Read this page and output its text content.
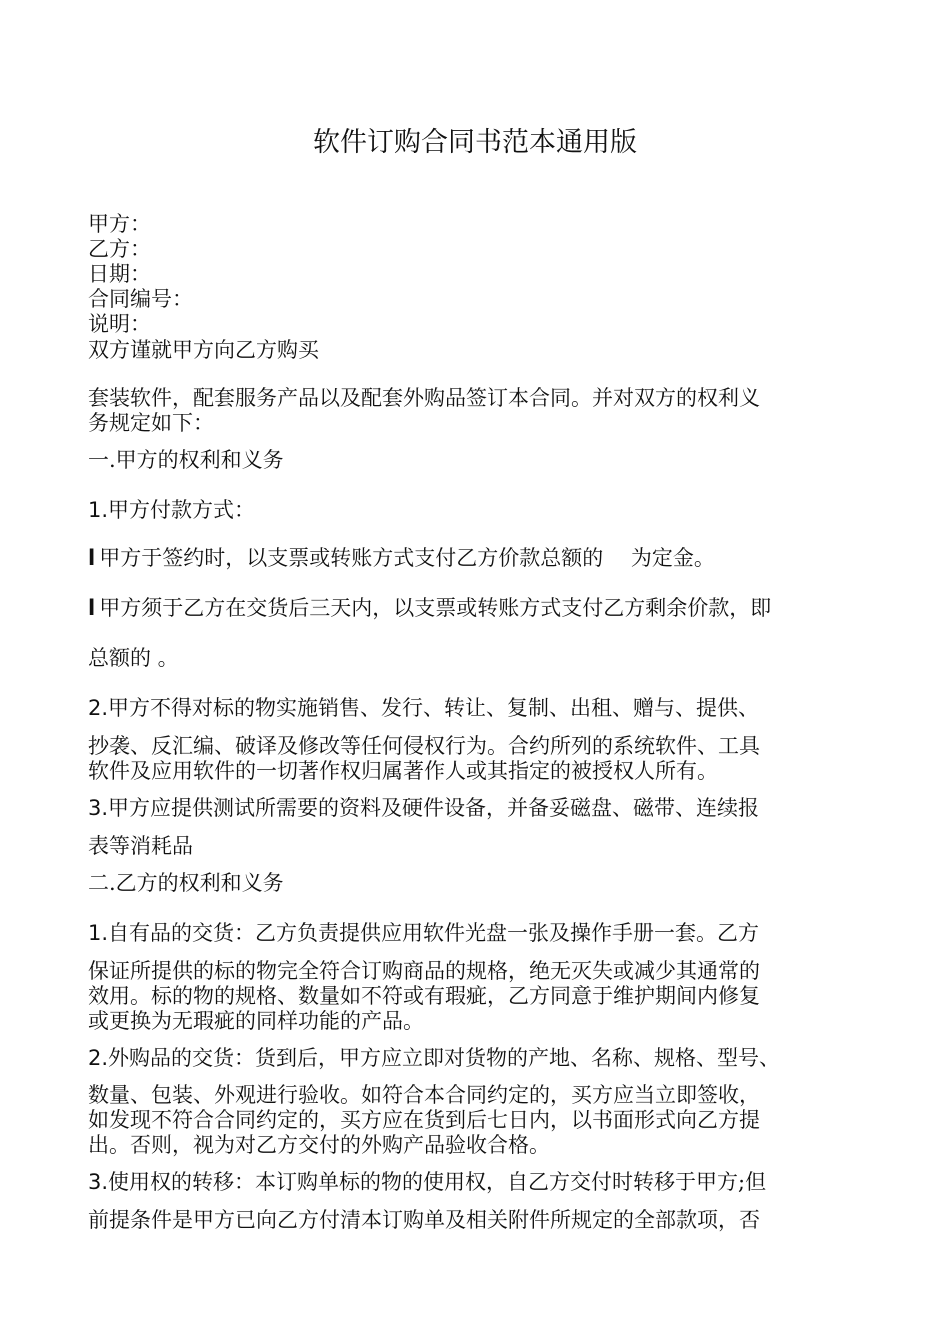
软件订购合同书范本通用版
甲方：
乙方：
日期：
合同编号：
说明：
双方谨就甲方向乙方购买
套装软件，配套服务产品以及配套外购品签订本合同。并对双方的权利义
务规定如下：
一.甲方的权利和义务
1.甲方付款方式：
l 甲方于签约时，以支票或转账方式支付乙方价款总额的　 为定金。
l 甲方须于乙方在交货后三天内，以支票或转账方式支付乙方剩余价款，即
总额的 。
2.甲方不得对标的物实施销售、发行、转让、复制、出租、赠与、提供、
抄袭、反汇编、破译及修改等任何侵权行为。合约所列的系统软件、工具
软件及应用软件的一切著作权归属著作人或其指定的被授权人所有。
3.甲方应提供测试所需要的资料及硬件设备，并备妥磁盘、磁带、连续报
表等消耗品
二.乙方的权利和义务
1.自有品的交货：乙方负责提供应用软件光盘一张及操作手册一套。乙方
保证所提供的标的物完全符合订购商品的规格，绝无灭失或减少其通常的
效用。标的物的规格、数量如不符或有瑕疵，乙方同意于维护期间内修复
或更换为无瑕疵的同样功能的产品。
2.外购品的交货：货到后，甲方应立即对货物的产地、名称、规格、型号、
数量、包装、外观进行验收。如符合本合同约定的，买方应当立即签收，
如发现不符合合同约定的，买方应在货到后七日内，以书面形式向乙方提
出。否则，视为对乙方交付的外购产品验收合格。
3.使用权的转移：本订购单标的物的使用权，自乙方交付时转移于甲方;但
前提条件是甲方已向乙方付清本订购单及相关附件所规定的全部款项，否
